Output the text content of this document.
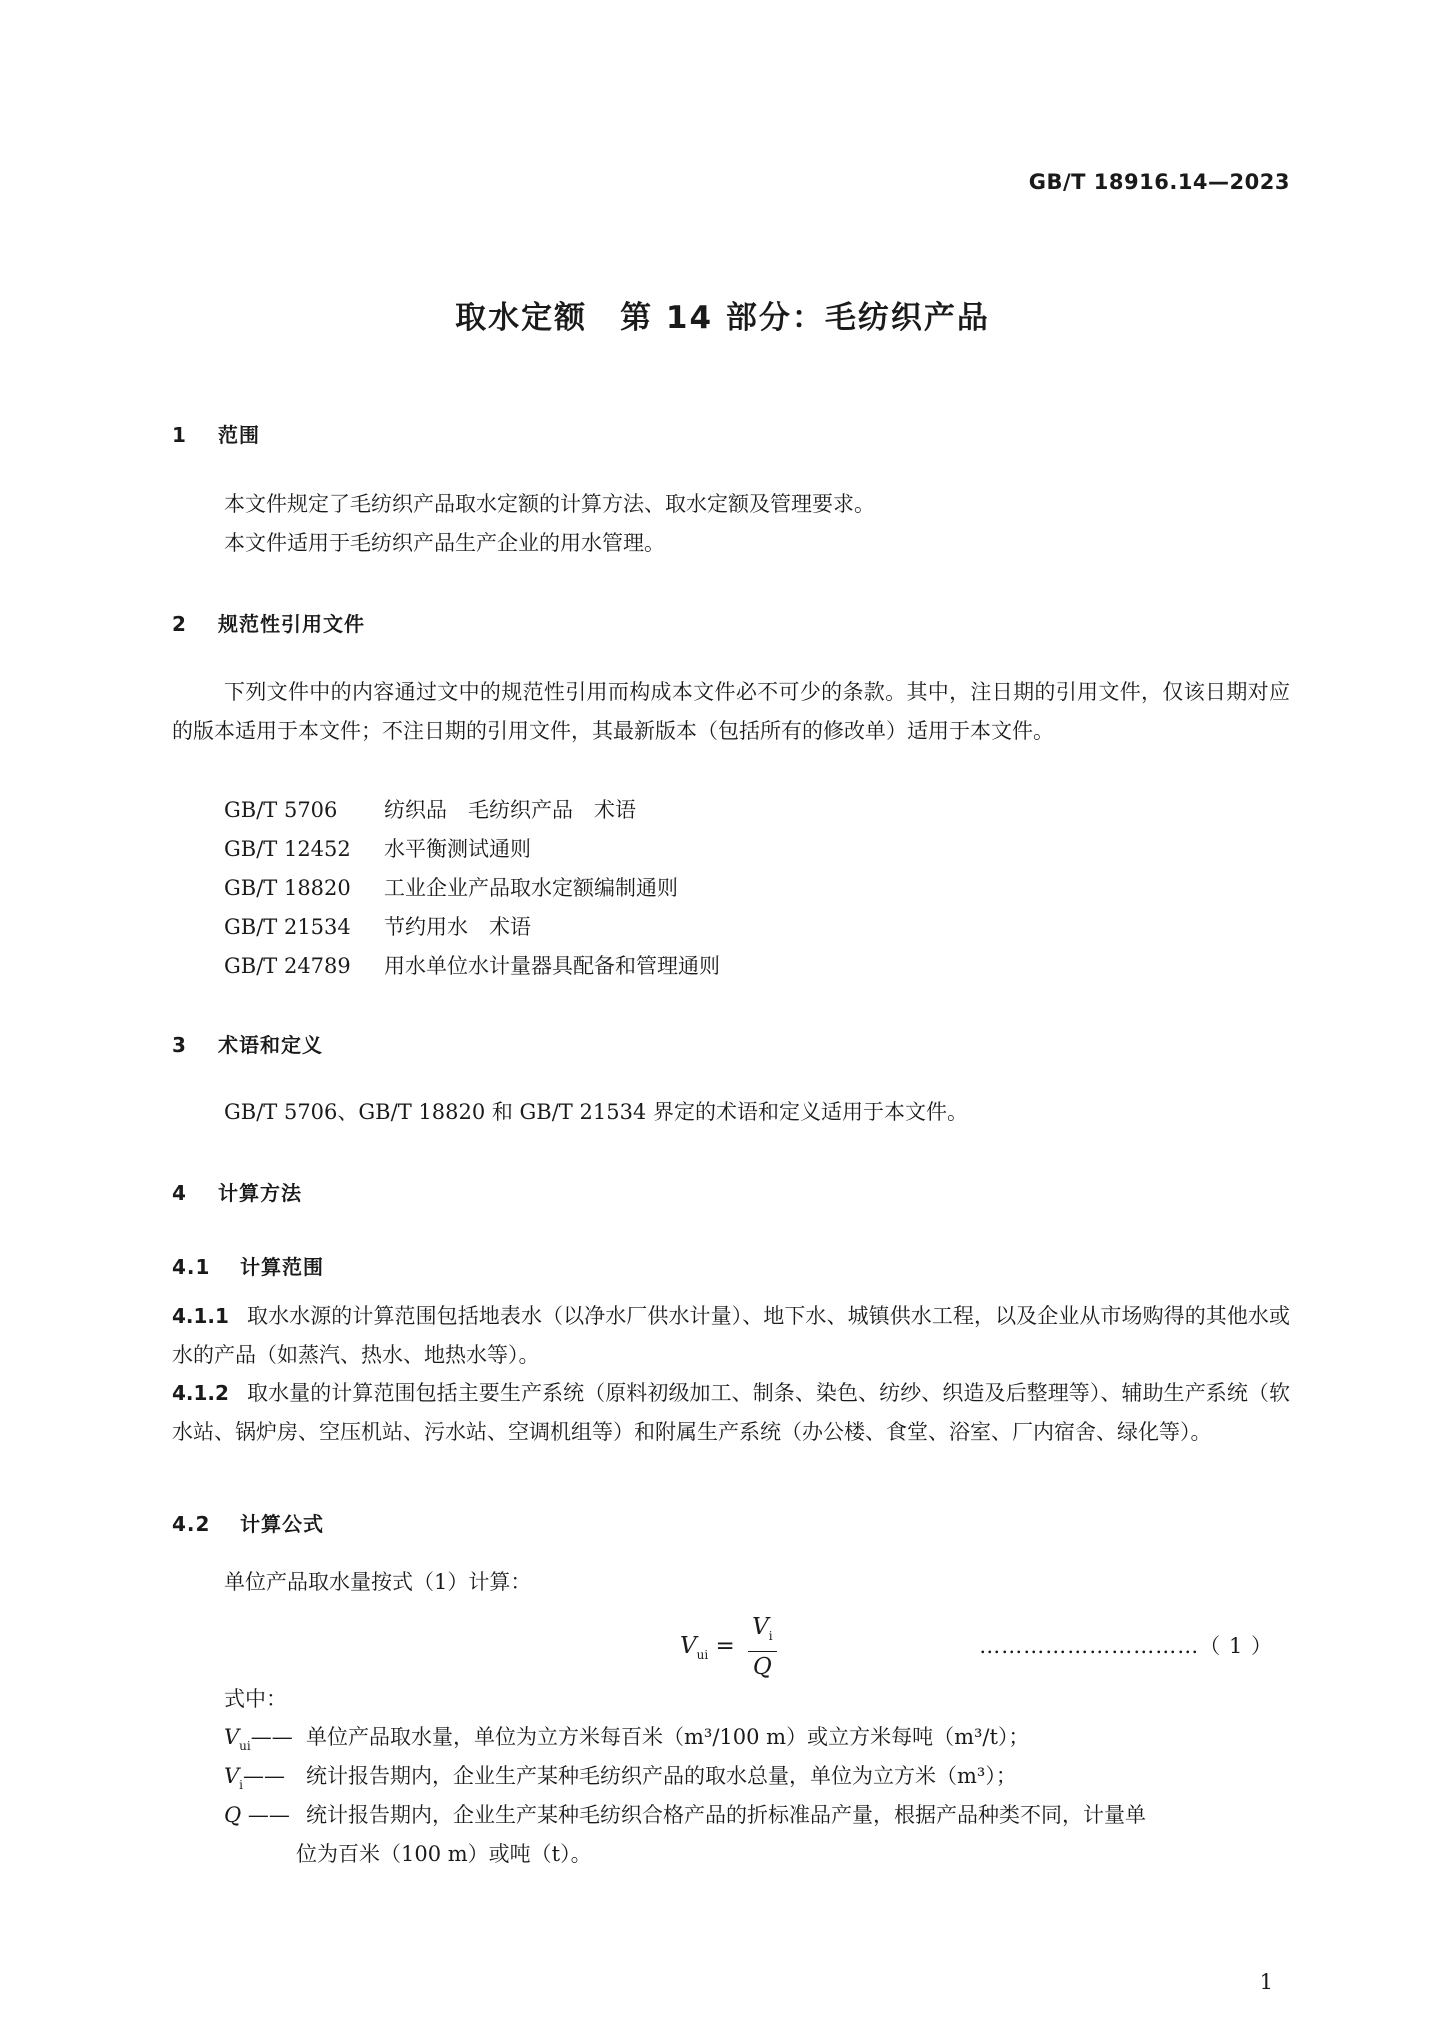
GB/T 18916.14—2023
取水定额　第 14 部分：毛纺织产品
1 范围
本文件规定了毛纺织产品取水定额的计算方法、取水定额及管理要求。
本文件适用于毛纺织产品生产企业的用水管理。
2 规范性引用文件
下列文件中的内容通过文中的规范性引用而构成本文件必不可少的条款。其中，注日期的引用文件，仅该日期对应的版本适用于本文件；不注日期的引用文件，其最新版本（包括所有的修改单）适用于本文件。
GB/T 5706 纺织品　毛纺织产品　术语
GB/T 12452 水平衡测试通则
GB/T 18820 工业企业产品取水定额编制通则
GB/T 21534 节约用水　术语
GB/T 24789 用水单位水计量器具配备和管理通则
3 术语和定义
GB/T 5706、GB/T 18820 和 GB/T 21534 界定的术语和定义适用于本文件。
4 计算方法
4.1 计算范围
4.1.1 取水水源的计算范围包括地表水（以净水厂供水计量）、地下水、城镇供水工程，以及企业从市场购得的其他水或水的产品（如蒸汽、热水、地热水等）。
4.1.2 取水量的计算范围包括主要生产系统（原料初级加工、制条、染色、纺纱、织造及后整理等）、辅助生产系统（软水站、锅炉房、空压机站、污水站、空调机组等）和附属生产系统（办公楼、食堂、浴室、厂内宿舍、绿化等）。
4.2 计算公式
单位产品取水量按式（1）计算：
$V_{ui} = \frac{V_i}{Q}$	…………………………（ 1 ）
式中：
$V_{ui}——$ 单位产品取水量，单位为立方米每百米（m³/100 m）或立方米每吨（m³/t）；
$V_i——$ 统计报告期内，企业生产某种毛纺织产品的取水总量，单位为立方米（m³）；
Q —— 统计报告期内，企业生产某种毛纺织合格产品的折标准品产量，根据产品种类不同，计量单
位为百米（100 m）或吨（t）。
1
